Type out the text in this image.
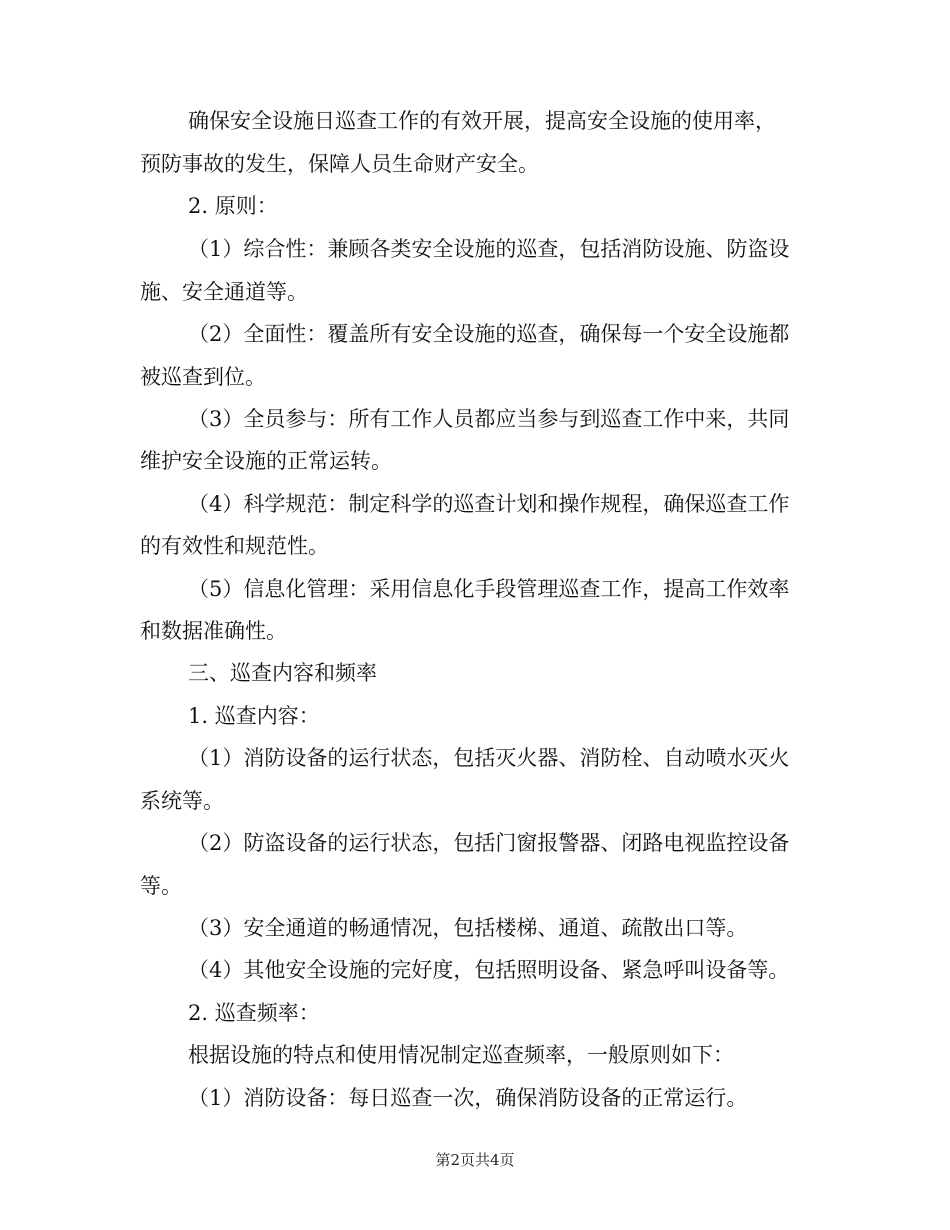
确保安全设施日巡查工作的有效开展，提高安全设施的使用率，
预防事故的发生，保障人员生命财产安全。
2. 原则：
（1）综合性：兼顾各类安全设施的巡查，包括消防设施、防盗设
施、安全通道等。
（2）全面性：覆盖所有安全设施的巡查，确保每一个安全设施都
被巡查到位。
（3）全员参与：所有工作人员都应当参与到巡查工作中来，共同
维护安全设施的正常运转。
（4）科学规范：制定科学的巡查计划和操作规程，确保巡查工作
的有效性和规范性。
（5）信息化管理：采用信息化手段管理巡查工作，提高工作效率
和数据准确性。
三、巡查内容和频率
1. 巡查内容：
（1）消防设备的运行状态，包括灭火器、消防栓、自动喷水灭火
系统等。
（2）防盗设备的运行状态，包括门窗报警器、闭路电视监控设备
等。
（3）安全通道的畅通情况，包括楼梯、通道、疏散出口等。
（4）其他安全设施的完好度，包括照明设备、紧急呼叫设备等。
2. 巡查频率：
根据设施的特点和使用情况制定巡查频率，一般原则如下：
（1）消防设备：每日巡查一次，确保消防设备的正常运行。
第2页共4页
